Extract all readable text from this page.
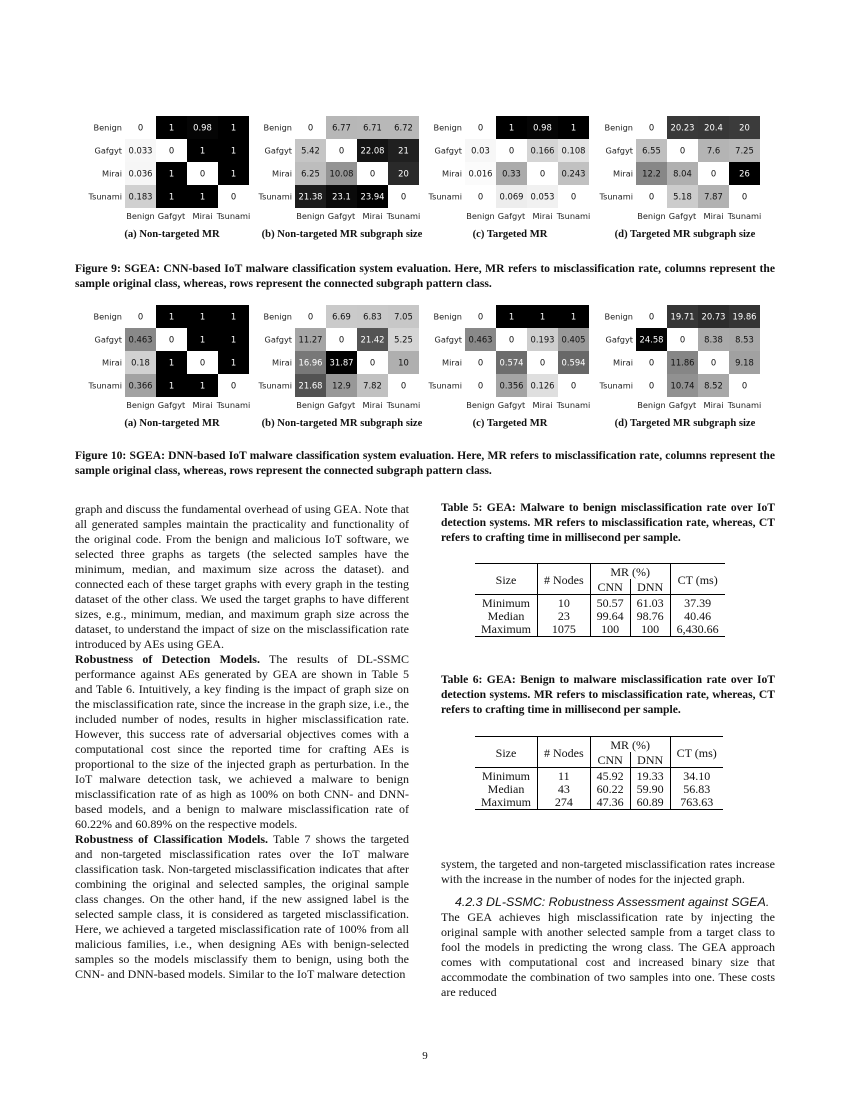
Benign 0	1 0.98 1
Gafgyt 0.033 0	1	1
Mirai 0.036 1	0	1
Tsunami 0.183 1	1	0
Benign Gafgyt Mirai Tsunami
Benign 0 6.77 6.71 6.72
Gafgyt 5.42 0 22.08 21
Mirai 6.25 10.08 0	20
Tsunami 21.38 23.1 23.94 0
Benign Gafgyt Mirai Tsunami
Benign 0	1 0.98 1
Gafgyt 0.03 0 0.166 0.108
Mirai 0.016 0.33 0 0.243
Tsunami 0 0.069 0.053 0
Benign Gafgyt Mirai Tsunami
Benign 0 20.23 20.4 20
Gafgyt 6.55 0	7.6 7.25
Mirai 12.2 8.04 0	26
Tsunami 0 5.18 7.87 0
Benign Gafgyt Mirai Tsunami
(a) Non-targeted MR	(b) Non-targeted MR subgraph size	(c) Targeted MR	(d) Targeted MR subgraph size
Figure 9: SGEA: CNN-based IoT malware classification system evaluation. Here, MR refers to misclassification rate, columns represent the sample original class, whereas, rows represent the connected subgraph pattern class.
Benign 0	1	1	1
Gafgyt 0.463 0	1	1
Mirai 0.18 1	0	1
Tsunami 0.366 1	1	0
Benign Gafgyt Mirai Tsunami
Benign 0 6.69 6.83 7.05
Gafgyt 11.27 0 21.42 5.25
Mirai 16.96 31.87 0	10
Tsunami 21.68 12.9 7.82 0
Benign Gafgyt Mirai Tsunami
Benign 0	1	1	1
Gafgyt 0.463 0 0.193 0.405
Mirai 0 0.574 0 0.594
Tsunami 0 0.356 0.126 0
Benign Gafgyt Mirai Tsunami
Benign 0 19.71 20.73 19.86
Gafgyt 24.58 0 8.38 8.53
Mirai 0 11.86 0 9.18
Tsunami 0 10.74 8.52 0
Benign Gafgyt Mirai Tsunami
(a) Non-targeted MR	(b) Non-targeted MR subgraph size	(c) Targeted MR	(d) Targeted MR subgraph size
Figure 10: SGEA: DNN-based IoT malware classification system evaluation. Here, MR refers to misclassification rate, columns represent the sample original class, whereas, rows represent the connected subgraph pattern class.

graph and discuss the fundamental overhead of using GEA. Note that all generated samples maintain the practicality and functionality of the original code. From the benign and malicious IoT software, we selected three graphs as targets (the selected samples have the minimum, median, and maximum size across the dataset). and connected each of these target graphs with every graph in the testing dataset of the other class. We used the target graphs to have different sizes, e.g., minimum, median, and maximum graph size across the dataset, to understand the impact of size on the misclassification rate introduced by AEs using GEA.

Robustness of Detection Models. The results of DL-SSMC performance against AEs generated by GEA are shown in Table 5 and Table 6. Intuitively, a key finding is the impact of graph size on the misclassification rate, since the increase in the graph size, i.e., the included number of nodes, results in higher misclassification rate. However, this success rate of adversarial objectives comes with a computational cost since the reported time for crafting AEs is proportional to the size of the injected graph as perturbation. In the IoT malware detection task, we achieved a malware to benign misclassification rate of as high as 100% on both CNN- and DNN-based models, and a benign to malware misclassification rate of 60.22% and 60.89% on the respective models.

Robustness of Classification Models. Table 7 shows the targeted and non-targeted misclassification rates over the IoT malware classification task. Non-targeted misclassification indicates that after combining the original and selected samples, the original sample class changes. On the other hand, if the new assigned label is the selected sample class, it is considered as targeted misclassification. Here, we achieved a targeted misclassification rate of 100% from all malicious families, i.e., when designing AEs with benign-selected samples so the models misclassify them to benign, using both the CNN- and DNN-based models. Similar to the IoT malware detection

Table 5: GEA: Malware to benign misclassification rate over IoT detection systems. MR refers to misclassification rate, whereas, CT refers to crafting time in millisecond per sample.
Size	# Nodes	MR (%)		CT (ms)
		CNN	DNN	
Minimum	10	50.57	61.03	37.39
Median	23	99.64	98.76	40.46
Maximum	1075	100	100	6,430.66
Table 6: GEA: Benign to malware misclassification rate over IoT detection systems. MR refers to misclassification rate, whereas, CT refers to crafting time in millisecond per sample.
Size	# Nodes	MR (%)		CT (ms)
		CNN	DNN	
Minimum	11	45.92	19.33	34.10
Median	43	60.22	59.90	56.83
Maximum	274	47.36	60.89	763.63

system, the targeted and non-targeted misclassification rates increase with the increase in the number of nodes for the injected graph.

4.2.3 DL-SSMC: Robustness Assessment against SGEA.

The GEA achieves high misclassification rate by injecting the original sample with another selected sample from a target class to fool the models in predicting the wrong class. The GEA approach comes with computational cost and increased binary size that accommodate the combination of two samples into one. These costs are reduced

9
